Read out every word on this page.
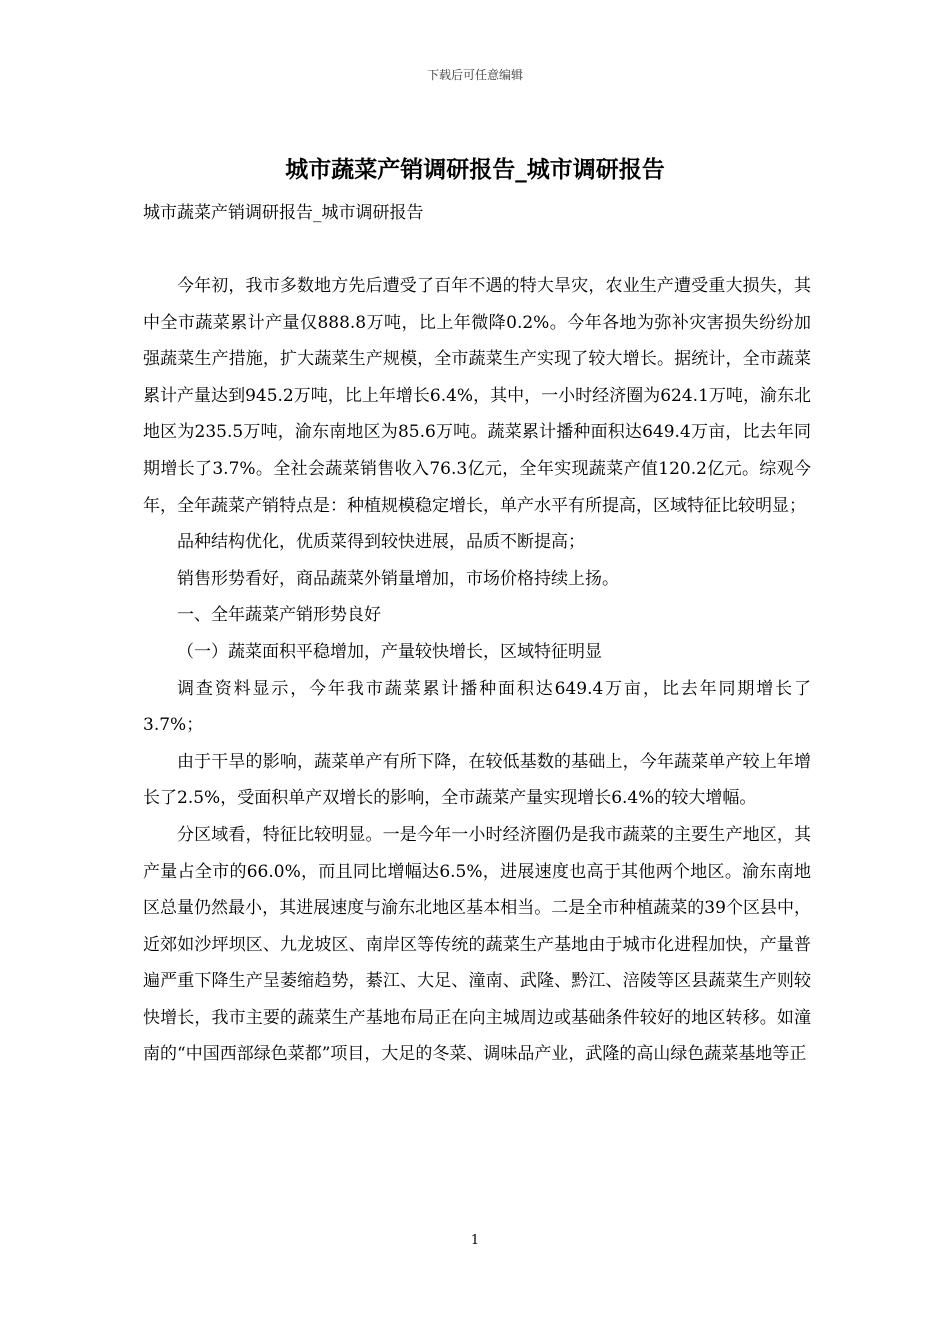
下载后可任意编辑
城市蔬菜产销调研报告_城市调研报告

城市蔬菜产销调研报告_城市调研报告

今年初，我市多数地方先后遭受了百年不遇的特大旱灾，农业生产遭受重大损失，其中全市蔬菜累计产量仅888.8万吨，比上年微降0.2%。今年各地为弥补灾害损失纷纷加强蔬菜生产措施，扩大蔬菜生产规模，全市蔬菜生产实现了较大增长。据统计，全市蔬菜累计产量达到945.2万吨，比上年增长6.4%，其中，一小时经济圈为624.1万吨，渝东北地区为235.5万吨，渝东南地区为85.6万吨。蔬菜累计播种面积达649.4万亩，比去年同期增长了3.7%。全社会蔬菜销售收入76.3亿元，全年实现蔬菜产值120.2亿元。综观今年，全年蔬菜产销特点是：种植规模稳定增长，单产水平有所提高，区域特征比较明显；

品种结构优化，优质菜得到较快进展，品质不断提高；

销售形势看好，商品蔬菜外销量增加，市场价格持续上扬。

一、全年蔬菜产销形势良好

（一）蔬菜面积平稳增加，产量较快增长，区域特征明显

调查资料显示，今年我市蔬菜累计播种面积达649.4万亩，比去年同期增长了3.7%；

由于干旱的影响，蔬菜单产有所下降，在较低基数的基础上，今年蔬菜单产较上年增长了2.5%，受面积单产双增长的影响，全市蔬菜产量实现增长6.4%的较大增幅。

分区域看，特征比较明显。一是今年一小时经济圈仍是我市蔬菜的主要生产地区，其产量占全市的66.0%，而且同比增幅达6.5%，进展速度也高于其他两个地区。渝东南地区总量仍然最小，其进展速度与渝东北地区基本相当。二是全市种植蔬菜的39个区县中，近郊如沙坪坝区、九龙坡区、南岸区等传统的蔬菜生产基地由于城市化进程加快，产量普遍严重下降生产呈萎缩趋势，綦江、大足、潼南、武隆、黔江、涪陵等区县蔬菜生产则较快增长，我市主要的蔬菜生产基地布局正在向主城周边或基础条件较好的地区转移。如潼南的“中国西部绿色菜都”项目，大足的冬菜、调味品产业，武隆的高山绿色蔬菜基地等正

1
